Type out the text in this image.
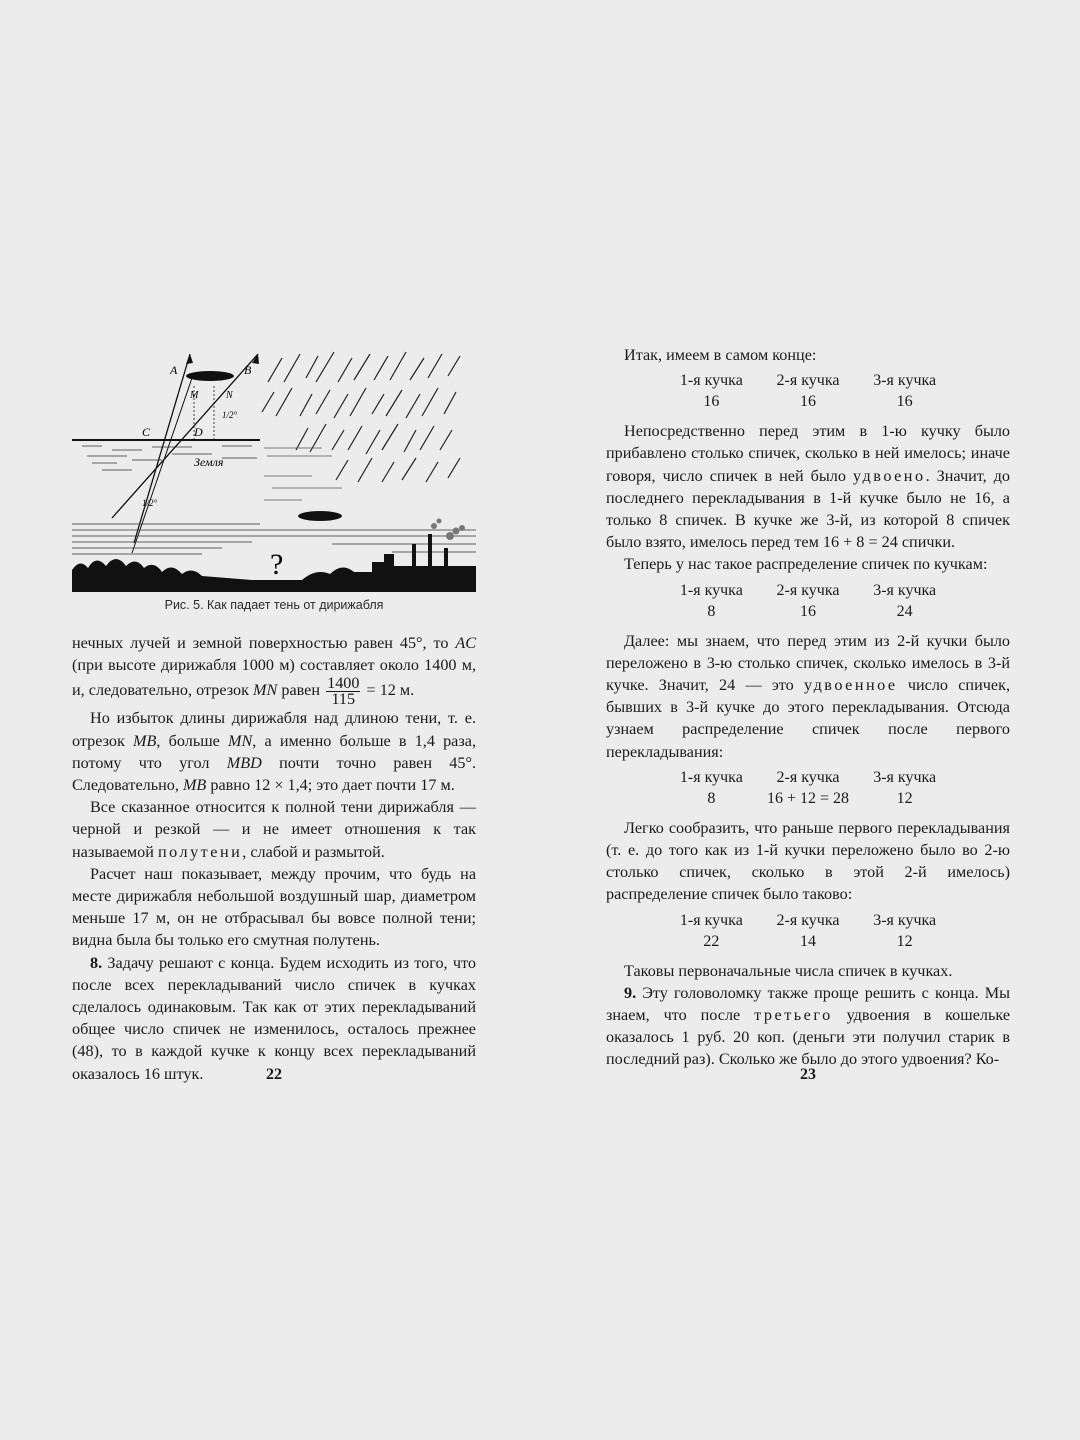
A	B
M	N
1/2°
C	D
Земля
1/2°
?
Рис. 5. Как падает тень от дирижабля

нечных лучей и земной поверхностью равен 45°, то AC (при высоте дирижабля 1000 м) составляет около 1400 м, и, следовательно, отрезок MN равен $\frac{1400}{115} = 12$ м.

Но избыток длины дирижабля над длиною тени, т. е. отрезок MB, больше MN, а именно больше в 1,4 раза, потому что угол MBD почти точно равен 45°. Следовательно, MB равно 12 × 1,4; это дает почти 17 м.

Все сказанное относится к полной тени дирижабля — черной и резкой — и не имеет отношения к так называемой полутени, слабой и размытой.

Расчет наш показывает, между прочим, что будь на месте дирижабля небольшой воздушный шар, диаметром меньше 17 м, он не отбрасывал бы вовсе полной тени; видна была бы только его смутная полутень.

8. Задачу решают с конца. Будем исходить из того, что после всех перекладываний число спичек в кучках сделалось одинаковым. Так как от этих перекладываний общее число спичек не изменилось, осталось прежнее (48), то в каждой кучке к концу всех перекладываний оказалось 16 штук.	22

Итак, имеем в самом конце:

1-я кучка	2-я кучка	3-я кучка
16	16	16

Непосредственно перед этим в 1-ю кучку было прибавлено столько спичек, сколько в ней имелось; иначе говоря, число спичек в ней было удвоено. Значит, до последнего перекладывания в 1-й кучке было не 16, а только 8 спичек. В кучке же 3-й, из которой 8 спичек было взято, имелось перед тем 16 + 8 = 24 спички.

Теперь у нас такое распределение спичек по кучкам:

1-я кучка	2-я кучка	3-я кучка
8	16	24

Далее: мы знаем, что перед этим из 2-й кучки было переложено в 3-ю столько спичек, сколько имелось в 3-й кучке. Значит, 24 — это удвоенное число спичек, бывших в 3-й кучке до этого перекладывания. Отсюда узнаем распределение спичек после первого перекладывания:

1-я кучка	2-я кучка	3-я кучка
8	16 + 12 = 28	12

Легко сообразить, что раньше первого перекладывания (т. е. до того как из 1-й кучки переложено было во 2-ю столько спичек, сколько в этой 2-й имелось) распределение спичек было таково:

1-я кучка	2-я кучка	3-я кучка
22	14	12

Таковы первоначальные числа спичек в кучках.

9. Эту головоломку также проще решить с конца. Мы знаем, что после третьего удвоения в кошельке оказалось 1 руб. 20 коп. (деньги эти получил старик в последний раз). Сколько же было до этого удвоения? Ко-

23
